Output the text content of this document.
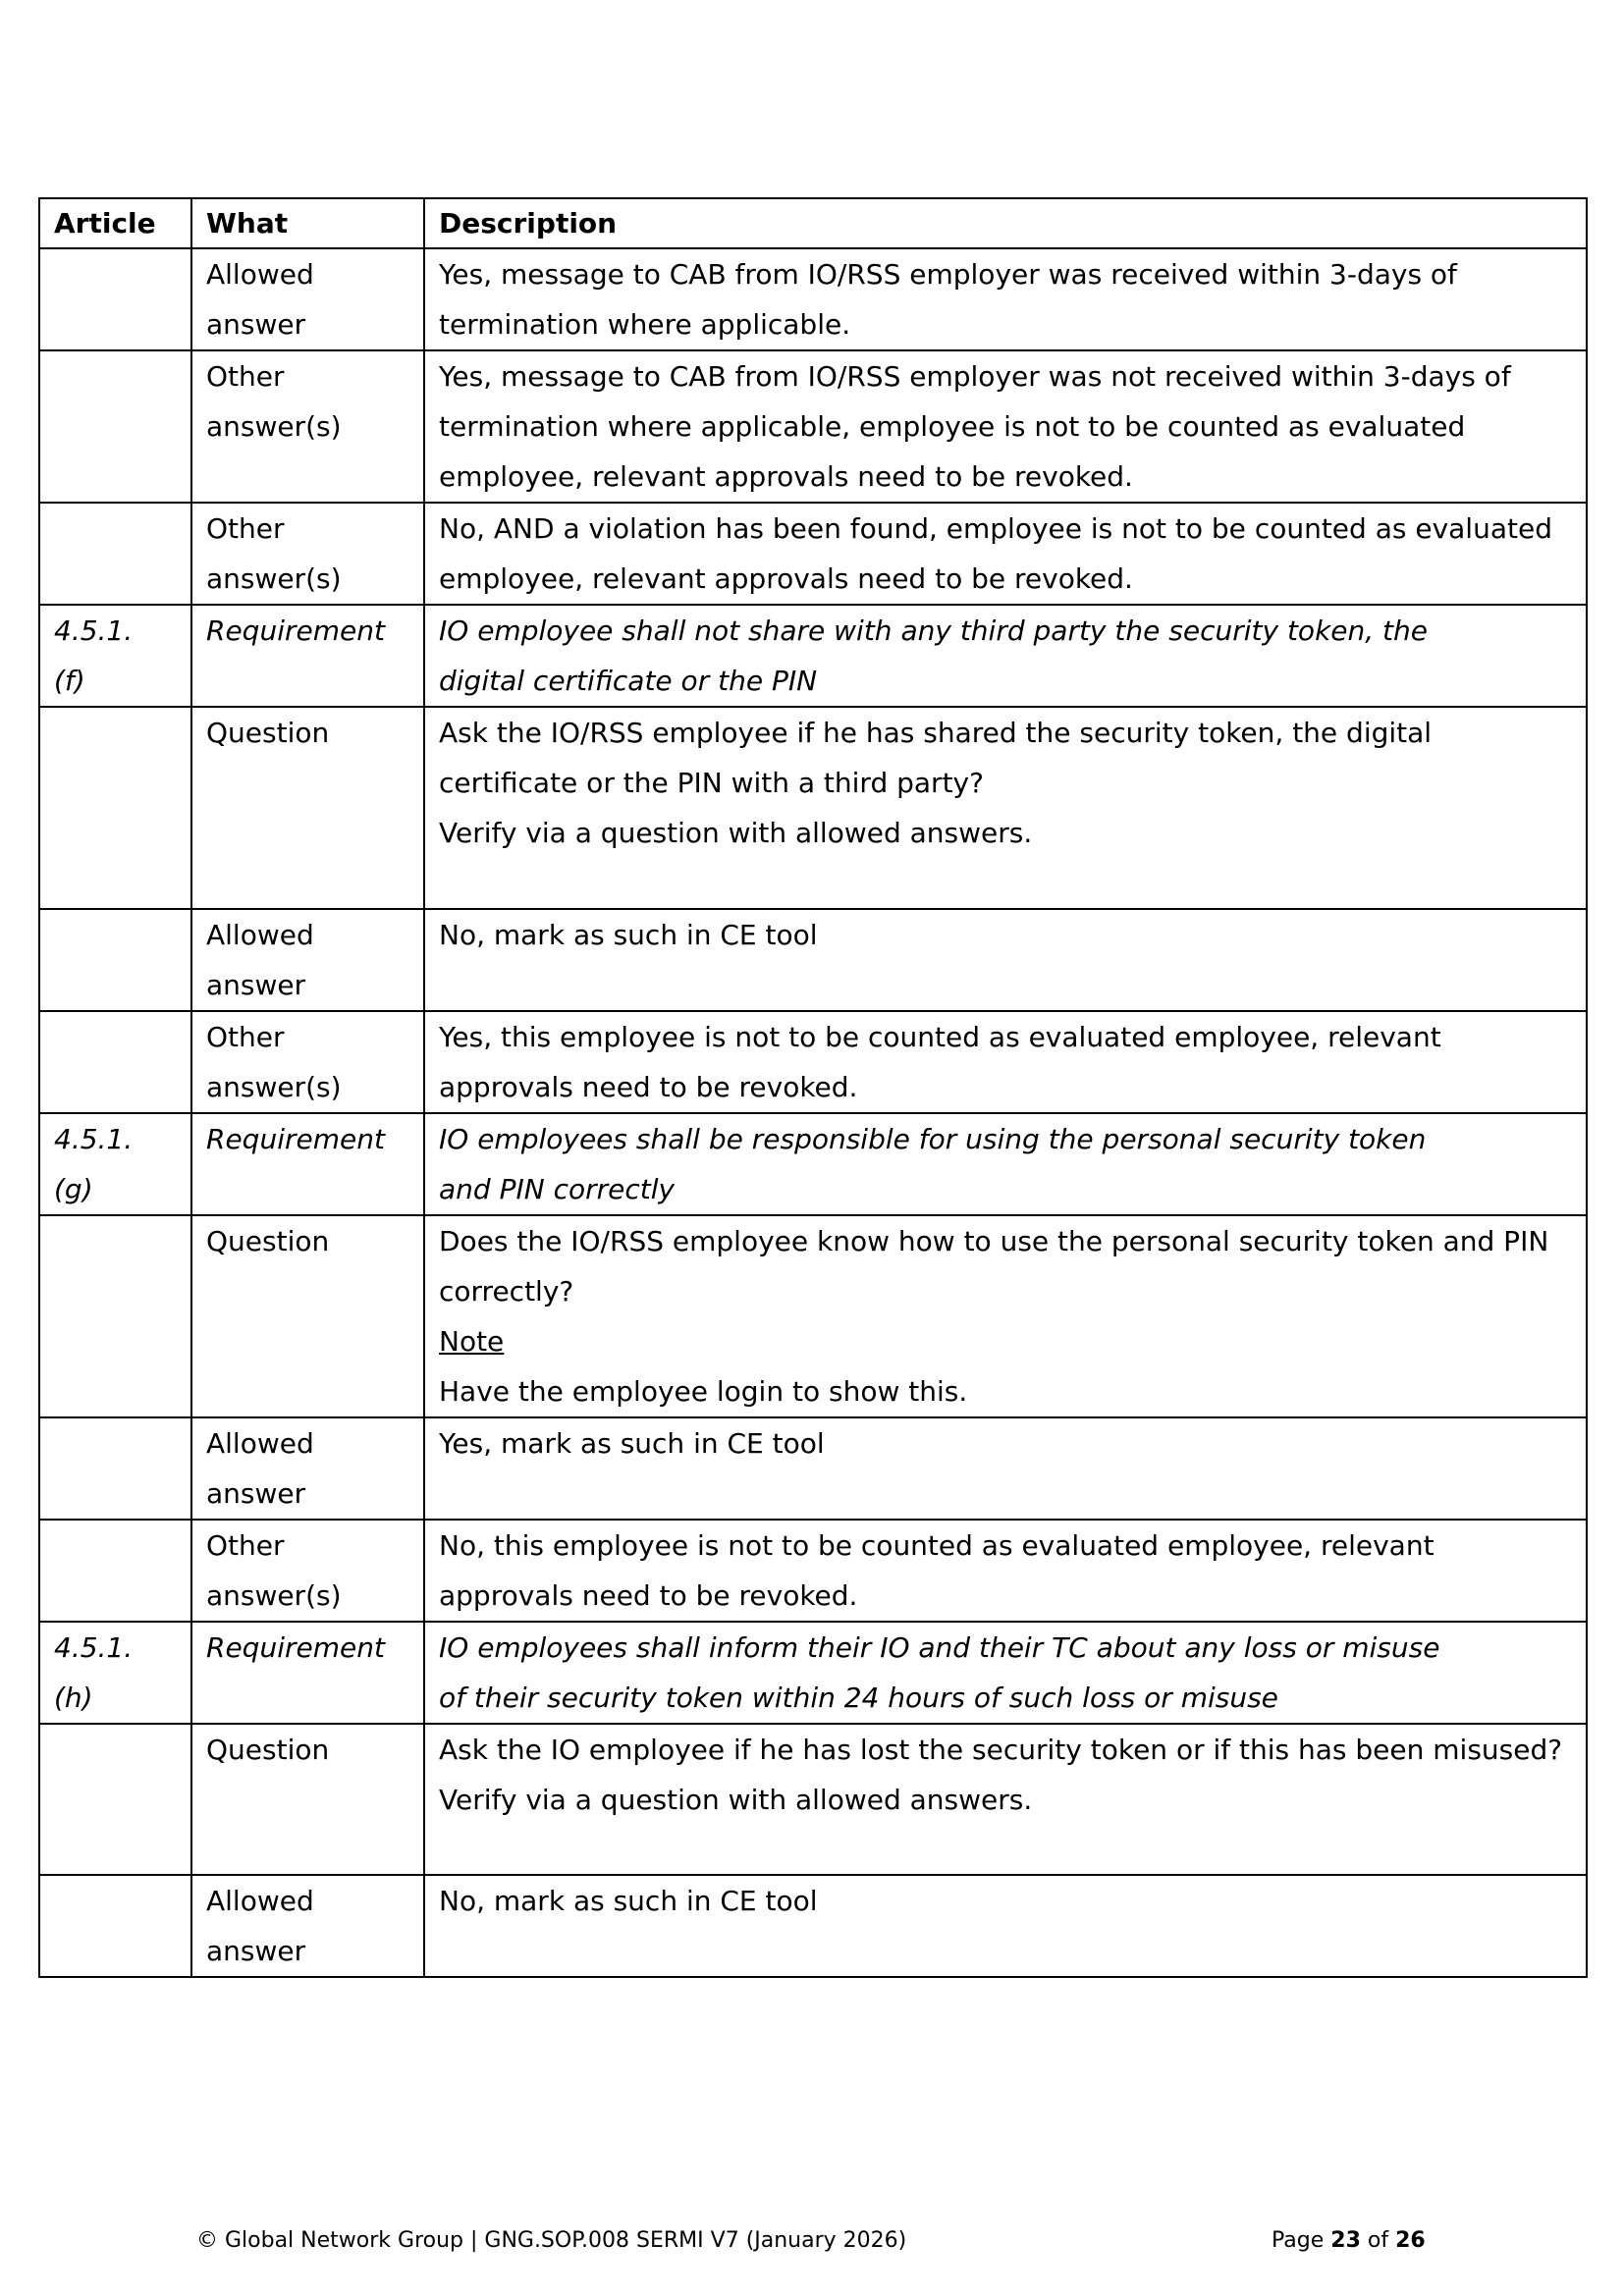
Article	What	Description

	Allowed
answer	Yes, message to CAB from IO/RSS employer was received within 3-days of
termination where applicable.

	Other
answer(s)	Yes, message to CAB from IO/RSS employer was not received within 3-days of
termination where applicable, employee is not to be counted as evaluated
employee, relevant approvals need to be revoked.

	Other
answer(s)	No, AND a violation has been found, employee is not to be counted as evaluated
employee, relevant approvals need to be revoked.

4.5.1.
(f)	Requirement	IO employee shall not share with any third party the security token, the
digital certificate or the PIN

	Question	Ask the IO/RSS employee if he has shared the security token, the digital
certificate or the PIN with a third party?
Verify via a question with allowed answers.

	Allowed
answer	No, mark as such in CE tool

	Other
answer(s)	Yes, this employee is not to be counted as evaluated employee, relevant
approvals need to be revoked.

4.5.1.
(g)	Requirement	IO employees shall be responsible for using the personal security token
and PIN correctly

	Question	Does the IO/RSS employee know how to use the personal security token and PIN
correctly?
Note
Have the employee login to show this.

	Allowed
answer	Yes, mark as such in CE tool

	Other
answer(s)	No, this employee is not to be counted as evaluated employee, relevant
approvals need to be revoked.

4.5.1.
(h)	Requirement	IO employees shall inform their IO and their TC about any loss or misuse
of their security token within 24 hours of such loss or misuse

	Question	Ask the IO employee if he has lost the security token or if this has been misused?
Verify via a question with allowed answers.

	Allowed
answer	No, mark as such in CE tool
© Global Network Group | GNG.SOP.008 SERMI V7 (January 2026)	Page 23 of 26
